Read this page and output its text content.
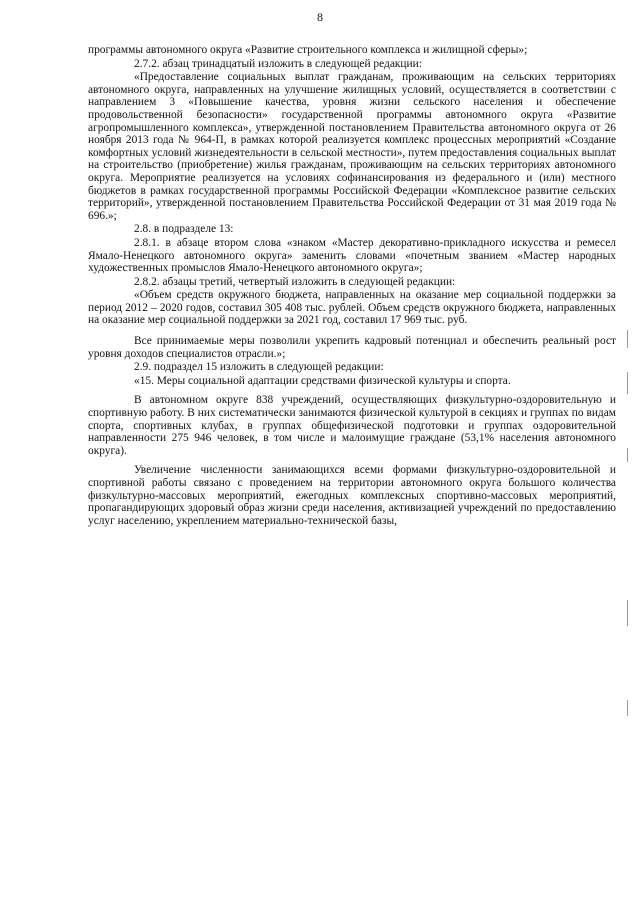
8

программы автономного округа «Развитие строительного комплекса и жилищной сферы»;

2.7.2. абзац тринадцатый изложить в следующей редакции:

«Предоставление социальных выплат гражданам, проживающим на сельских территориях автономного округа, направленных на улучшение жилищных условий, осуществляется в соответствии с направлением 3 «Повышение качества, уровня жизни сельского населения и обеспечение продовольственной безопасности» государственной программы автономного округа «Развитие агропромышленного комплекса», утвержденной постановлением Правительства автономного округа от 26 ноября 2013 года № 964-П, в рамках которой реализуется комплекс процессных мероприятий «Создание комфортных условий жизнедеятельности в сельской местности», путем предоставления социальных выплат на строительство (приобретение) жилья гражданам, проживающим на сельских территориях автономного округа. Мероприятие реализуется на условиях софинансирования из федерального и (или) местного бюджетов в рамках государственной программы Российской Федерации «Комплексное развитие сельских территорий», утвержденной постановлением Правительства Российской Федерации от 31 мая 2019 года № 696.»;

2.8. в подразделе 13:

2.8.1. в абзаце втором слова «знаком «Мастер декоративно-прикладного искусства и ремесел Ямало-Ненецкого автономного округа» заменить словами «почетным званием «Мастер народных художественных промыслов Ямало-Ненецкого автономного округа»;

2.8.2. абзацы третий, четвертый изложить в следующей редакции:

«Объем средств окружного бюджета, направленных на оказание мер социальной поддержки за период 2012 – 2020 годов, составил 305 408 тыс. рублей. Объем средств окружного бюджета, направленных на оказание мер социальной поддержки за 2021 год, составил 17 969 тыс. руб.

Все принимаемые меры позволили укрепить кадровый потенциал и обеспечить реальный рост уровня доходов специалистов отрасли.»;

2.9. подраздел 15 изложить в следующей редакции:

«15. Меры социальной адаптации средствами физической культуры и спорта.

В автономном округе 838 учреждений, осуществляющих физкультурно-оздоровительную и спортивную работу. В них систематически занимаются физической культурой в секциях и группах по видам спорта, спортивных клубах, в группах общефизической подготовки и группах оздоровительной направленности 275 946 человек, в том числе и малоимущие граждане (53,1% населения автономного округа).

Увеличение численности занимающихся всеми формами физкультурно-оздоровительной и спортивной работы связано с проведением на территории автономного округа большого количества физкультурно-массовых мероприятий, ежегодных комплексных спортивно-массовых мероприятий, пропагандирующих здоровый образ жизни среди населения, активизацией учреждений по предоставлению услуг населению, укреплением материально-технической базы,
